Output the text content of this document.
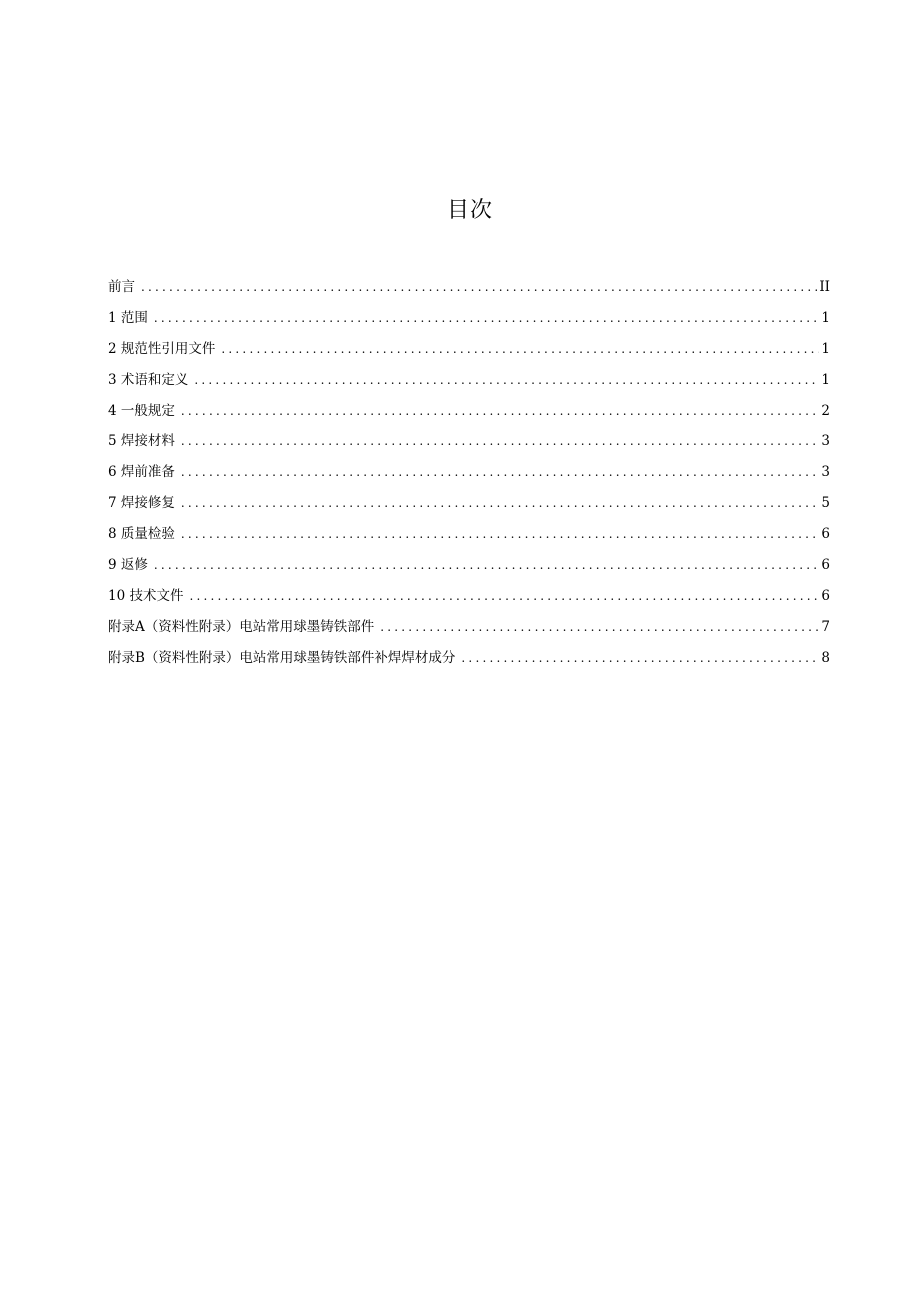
目次
前言 .....	II
1 范围 .....	1
2 规范性引用文件 .....	1
3 术语和定义 .....	1
4 一般规定 .....	2
5 焊接材料 .....	3
6 焊前准备 .....	3
7 焊接修复 .....	5
8 质量检验 .....	6
9 返修 .....	6
10 技术文件 .....	6
附录A（资料性附录）电站常用球墨铸铁部件 .....	7
附录B（资料性附录）电站常用球墨铸铁部件补焊焊材成分 .....	8
